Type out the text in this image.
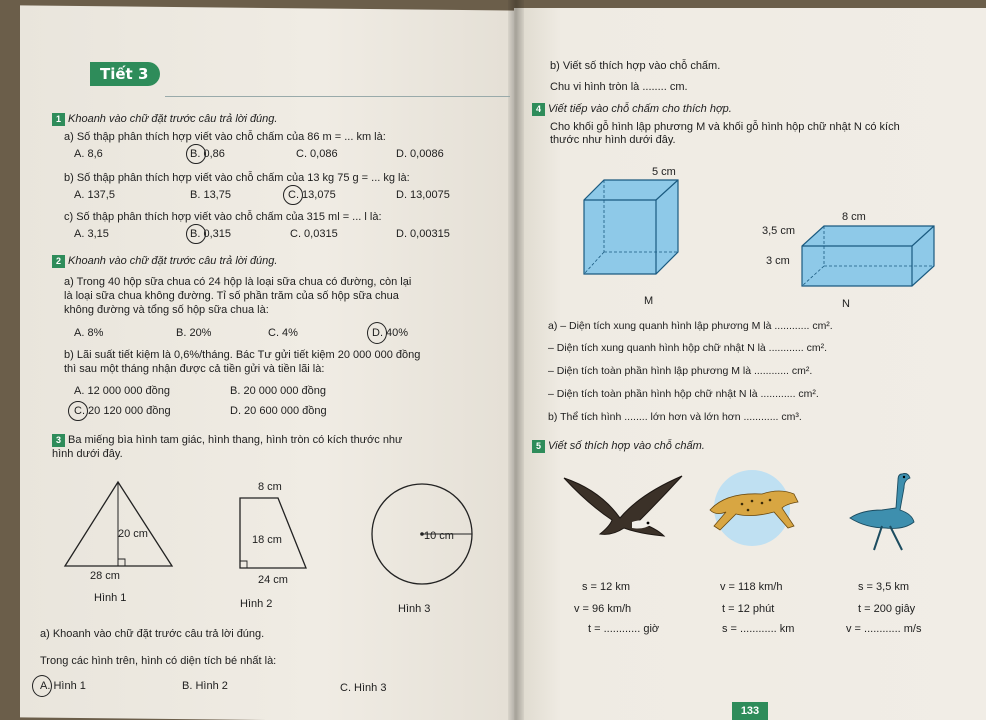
Tiết 3
1 Khoanh vào chữ đặt trước câu trả lời đúng.
a) Số thập phân thích hợp viết vào chỗ chấm của 86 m = ... km là:
A. 8,6	B. 0,86	C. 0,086	D. 0,0086
b) Số thập phân thích hợp viết vào chỗ chấm của 13 kg 75 g = ... kg là:
A. 137,5	B. 13,75	C. 13,075	D. 13,0075
c) Số thập phân thích hợp viết vào chỗ chấm của 315 ml = ... l là:
A. 3,15	B. 0,315	C. 0,0315	D. 0,00315
2 Khoanh vào chữ đặt trước câu trả lời đúng.
a) Trong 40 hộp sữa chua có 24 hộp là loại sữa chua có đường, còn lại
là loại sữa chua không đường. Tỉ số phần trăm của số hộp sữa chua
không đường và tổng số hộp sữa chua là:
A. 8%	B. 20%	C. 4%	D. 40%
b) Lãi suất tiết kiệm là 0,6%/tháng. Bác Tư gửi tiết kiệm 20 000 000 đồng
thì sau một tháng nhận được cả tiền gửi và tiền lãi là:
A. 12 000 000 đồng	B. 20 000 000 đồng
C. 20 120 000 đồng	D. 20 600 000 đồng
3 Ba miếng bìa hình tam giác, hình thang, hình tròn có kích thước như
hình dưới đây.
20 cm
28 cm
Hình 1
8 cm
18 cm
24 cm
Hình 2
10 cm
Hình 3
a) Khoanh vào chữ đặt trước câu trả lời đúng.
Trong các hình trên, hình có diện tích bé nhất là:
A. Hình 1	B. Hình 2	C. Hình 3
b) Viết số thích hợp vào chỗ chấm.
Chu vi hình tròn là ........ cm.
4 Viết tiếp vào chỗ chấm cho thích hợp.
Cho khối gỗ hình lập phương M và khối gỗ hình hộp chữ nhật N có kích
thước như hình dưới đây.
5 cm
M
8 cm
3,5 cm
3 cm
N
a) – Diện tích xung quanh hình lập phương M là ............ cm².
– Diện tích xung quanh hình hộp chữ nhật N là ............ cm².
– Diện tích toàn phần hình lập phương M là ............ cm².
– Diện tích toàn phần hình hộp chữ nhật N là ............ cm².
b) Thể tích hình ........ lớn hơn và lớn hơn ............ cm³.
5 Viết số thích hợp vào chỗ chấm.
s = 12 km
v = 96 km/h
t = ............ giờ
v = 118 km/h
t = 12 phút
s = ............ km
s = 3,5 km
t = 200 giây
v = ............ m/s
133
